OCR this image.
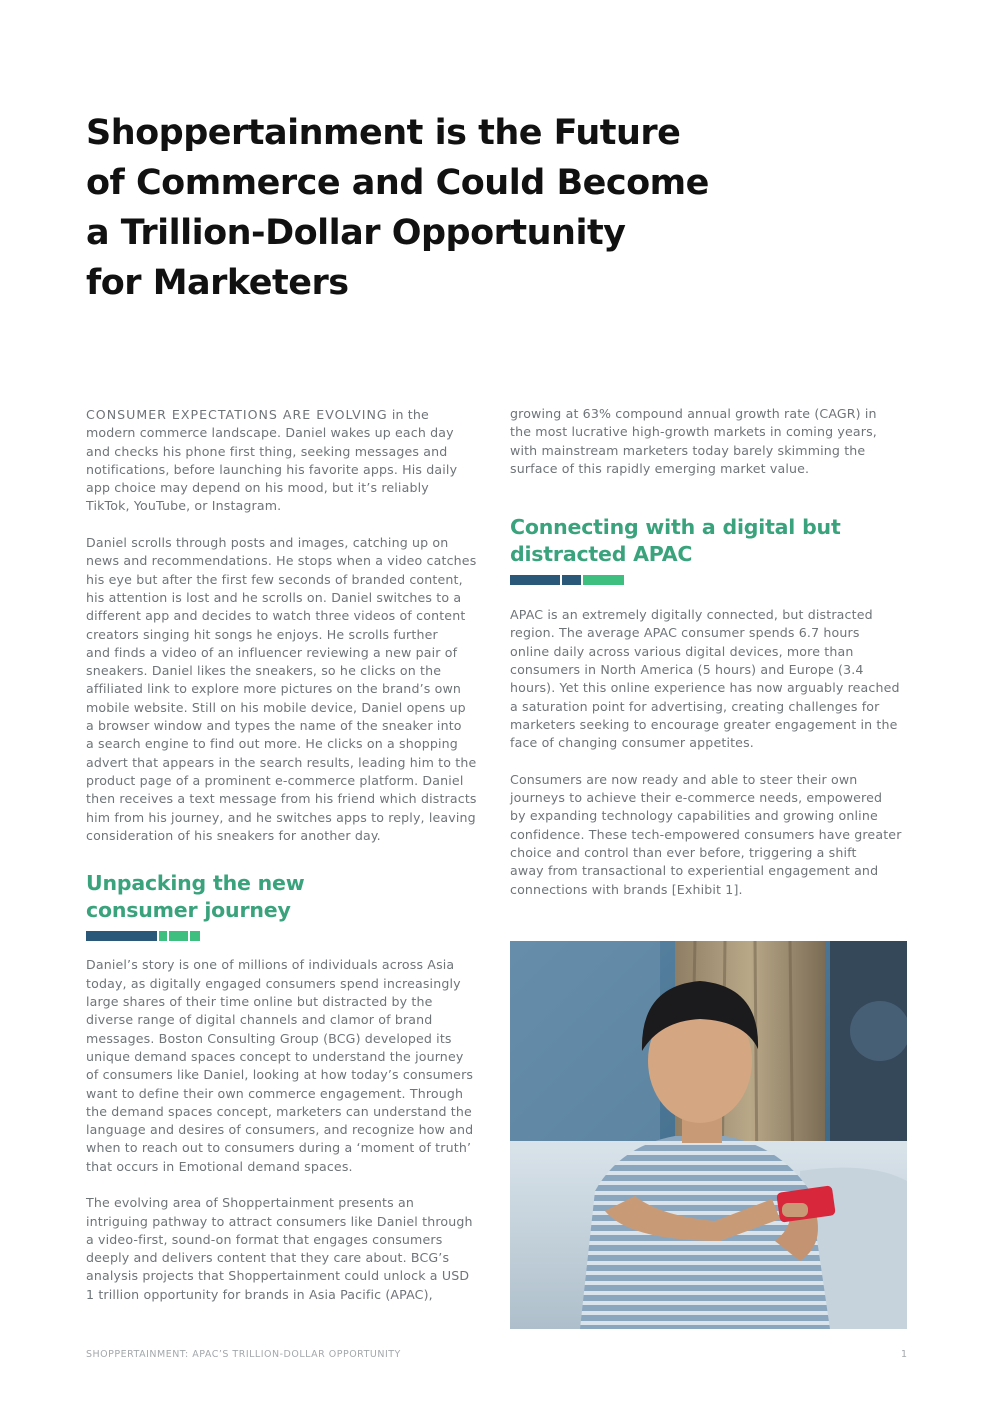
Shoppertainment is the Future
of Commerce and Could Become
a Trillion-Dollar Opportunity
for Marketers

CONSUMER EXPECTATIONS ARE EVOLVING in the
modern commerce landscape. Daniel wakes up each day
and checks his phone first thing, seeking messages and
notifications, before launching his favorite apps. His daily
app choice may depend on his mood, but it’s reliably
TikTok, YouTube, or Instagram.

Daniel scrolls through posts and images, catching up on
news and recommendations. He stops when a video catches
his eye but after the first few seconds of branded content,
his attention is lost and he scrolls on. Daniel switches to a
different app and decides to watch three videos of content
creators singing hit songs he enjoys. He scrolls further
and finds a video of an influencer reviewing a new pair of
sneakers. Daniel likes the sneakers, so he clicks on the
affiliated link to explore more pictures on the brand’s own
mobile website. Still on his mobile device, Daniel opens up
a browser window and types the name of the sneaker into
a search engine to find out more. He clicks on a shopping
advert that appears in the search results, leading him to the
product page of a prominent e-commerce platform. Daniel
then receives a text message from his friend which distracts
him from his journey, and he switches apps to reply, leaving
consideration of his sneakers for another day.

Unpacking the new
consumer journey

Daniel’s story is one of millions of individuals across Asia
today, as digitally engaged consumers spend increasingly
large shares of their time online but distracted by the
diverse range of digital channels and clamor of brand
messages. Boston Consulting Group (BCG) developed its
unique demand spaces concept to understand the journey
of consumers like Daniel, looking at how today’s consumers
want to define their own commerce engagement. Through
the demand spaces concept, marketers can understand the
language and desires of consumers, and recognize how and
when to reach out to consumers during a ‘moment of truth’
that occurs in Emotional demand spaces.

The evolving area of Shoppertainment presents an
intriguing pathway to attract consumers like Daniel through
a video-first, sound-on format that engages consumers
deeply and delivers content that they care about. BCG’s
analysis projects that Shoppertainment could unlock a USD
1 trillion opportunity for brands in Asia Pacific (APAC),

growing at 63% compound annual growth rate (CAGR) in
the most lucrative high-growth markets in coming years,
with mainstream marketers today barely skimming the
surface of this rapidly emerging market value.

Connecting with a digital but
distracted APAC

APAC is an extremely digitally connected, but distracted
region. The average APAC consumer spends 6.7 hours
online daily across various digital devices, more than
consumers in North America (5 hours) and Europe (3.4
hours). Yet this online experience has now arguably reached
a saturation point for advertising, creating challenges for
marketers seeking to encourage greater engagement in the
face of changing consumer appetites.

Consumers are now ready and able to steer their own
journeys to achieve their e-commerce needs, empowered
by expanding technology capabilities and growing online
confidence. These tech-empowered consumers have greater
choice and control than ever before, triggering a shift
away from transactional to experiential engagement and
connections with brands [Exhibit 1].

SHOPPERTAINMENT: APAC’S TRILLION-DOLLAR OPPORTUNITY	1
